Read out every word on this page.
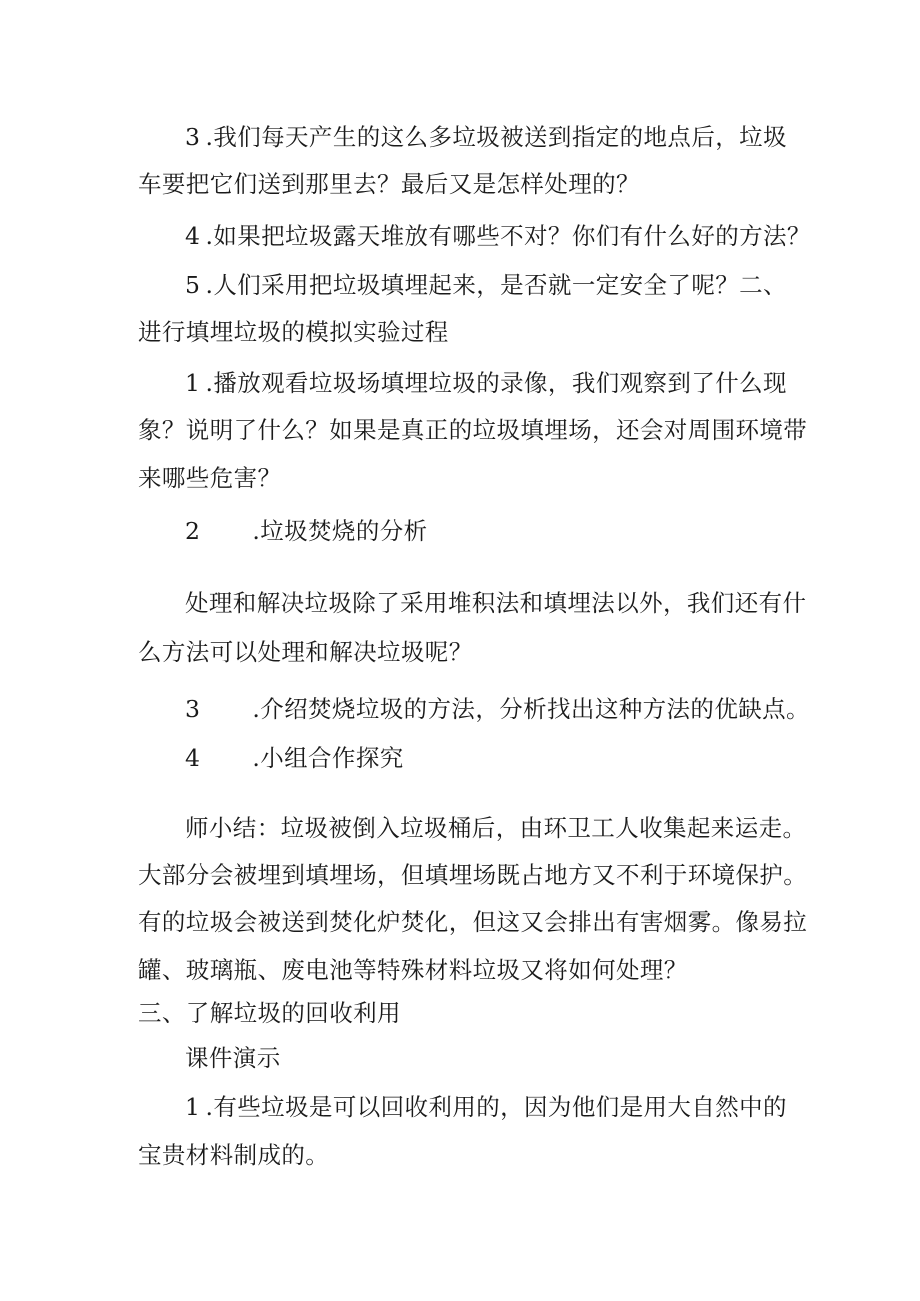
3 .我们每天产生的这么多垃圾被送到指定的地点后，垃圾
车要把它们送到那里去？最后又是怎样处理的？
4 .如果把垃圾露天堆放有哪些不对？你们有什么好的方法？
5 .人们采用把垃圾填埋起来，是否就一定安全了呢？二、
进行填埋垃圾的模拟实验过程
1 .播放观看垃圾场填埋垃圾的录像，我们观察到了什么现
象？说明了什么？如果是真正的垃圾填埋场，还会对周围环境带
来哪些危害？
2 .垃圾焚烧的分析
处理和解决垃圾除了采用堆积法和填埋法以外，我们还有什
么方法可以处理和解决垃圾呢？
3 .介绍焚烧垃圾的方法，分析找出这种方法的优缺点。
4 .小组合作探究
师小结：垃圾被倒入垃圾桶后，由环卫工人收集起来运走。
大部分会被埋到填埋场，但填埋场既占地方又不利于环境保护。
有的垃圾会被送到焚化炉焚化，但这又会排出有害烟雾。像易拉
罐、玻璃瓶、废电池等特殊材料垃圾又将如何处理？
三、了解垃圾的回收利用
课件演示
1 .有些垃圾是可以回收利用的，因为他们是用大自然中的
宝贵材料制成的。
